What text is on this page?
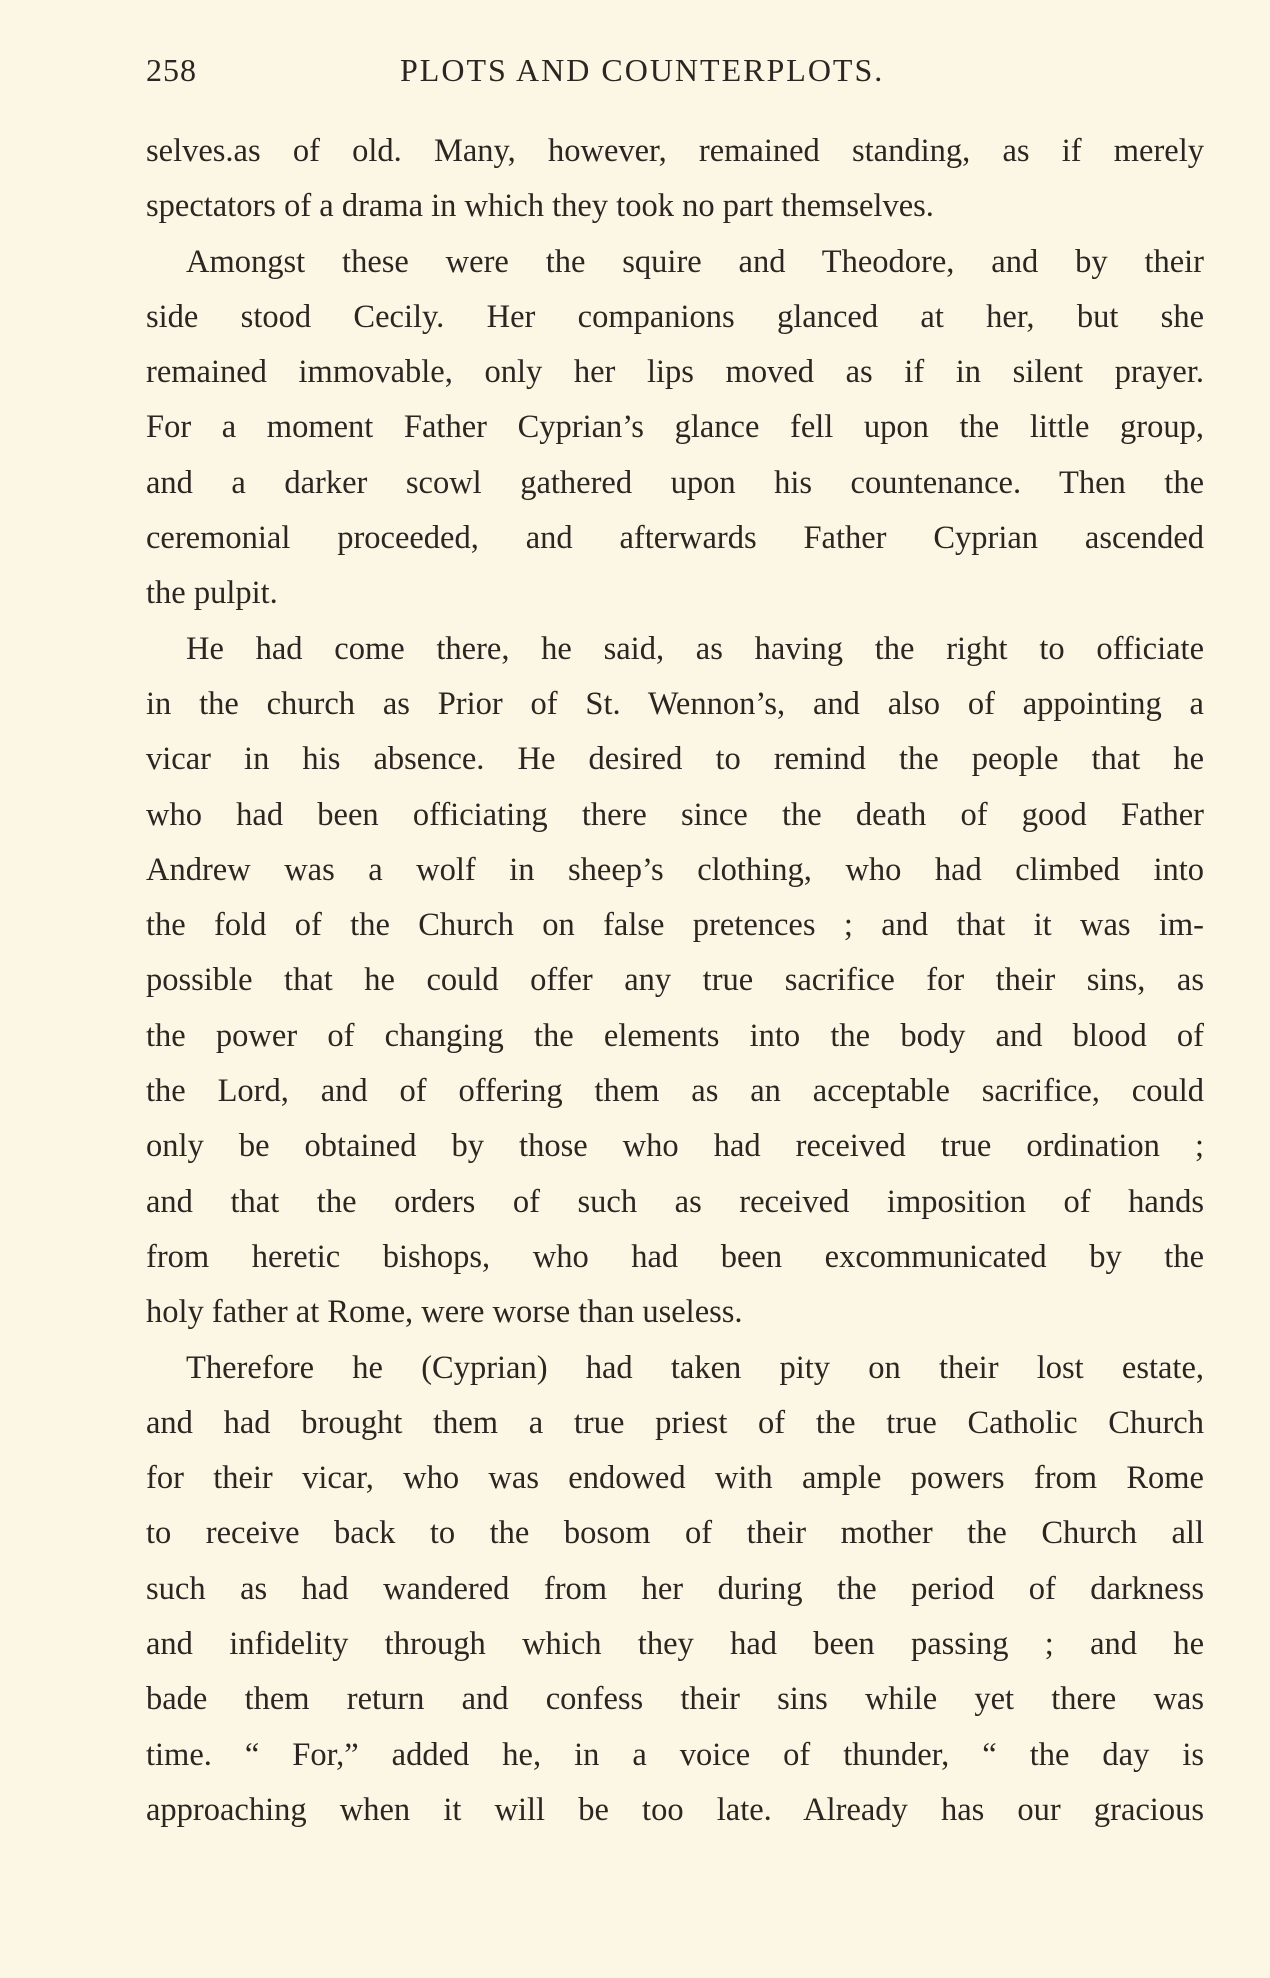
258	PLOTS AND COUNTERPLOTS.
selves.as of old. Many, however, remained standing, as if merely
spectators of a drama in which they took no part themselves.
Amongst these were the squire and Theodore, and by their
side stood Cecily. Her companions glanced at her, but she
remained immovable, only her lips moved as if in silent prayer.
For a moment Father Cyprian’s glance fell upon the little group,
and a darker scowl gathered upon his countenance. Then the
ceremonial proceeded, and afterwards Father Cyprian ascended
the pulpit.
He had come there, he said, as having the right to officiate
in the church as Prior of St. Wennon’s, and also of appointing a
vicar in his absence. He desired to remind the people that he
who had been officiating there since the death of good Father
Andrew was a wolf in sheep’s clothing, who had climbed into
the fold of the Church on false pretences ; and that it was im-
possible that he could offer any true sacrifice for their sins, as
the power of changing the elements into the body and blood of
the Lord, and of offering them as an acceptable sacrifice, could
only be obtained by those who had received true ordination ;
and that the orders of such as received imposition of hands
from heretic bishops, who had been excommunicated by the
holy father at Rome, were worse than useless.
Therefore he (Cyprian) had taken pity on their lost estate,
and had brought them a true priest of the true Catholic Church
for their vicar, who was endowed with ample powers from Rome
to receive back to the bosom of their mother the Church all
such as had wandered from her during the period of darkness
and infidelity through which they had been passing ; and he
bade them return and confess their sins while yet there was
time. “ For,” added he, in a voice of thunder, “ the day is
approaching when it will be too late. Already has our gracious
